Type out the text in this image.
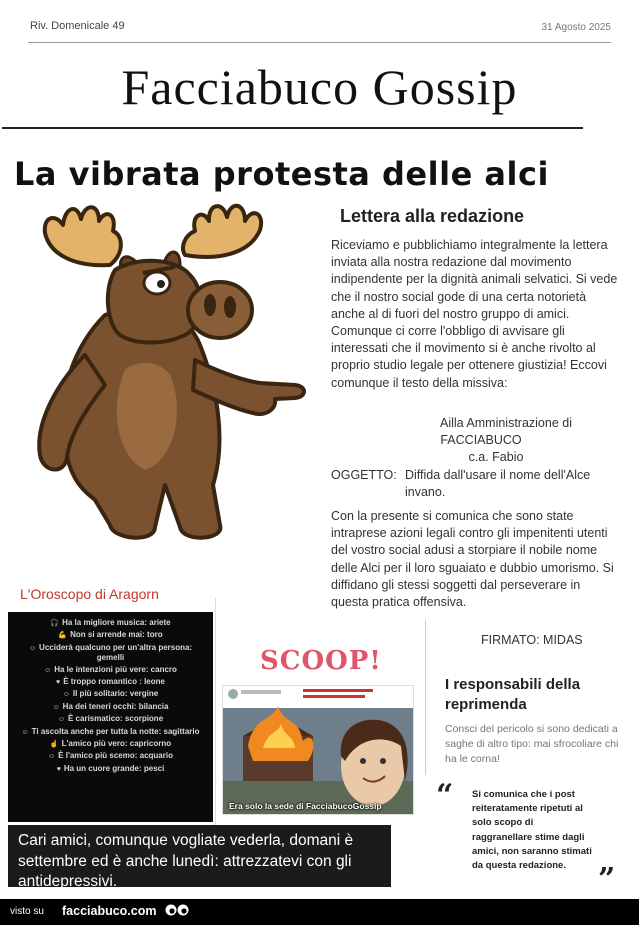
Riv. Domenicale 49	31 Agosto 2025
Facciabuco Gossip
La vibrata protesta delle alci
Lettera alla redazione
Riceviamo e pubblichiamo integralmente la lettera inviata alla nostra redazione dal movimento indipendente per la dignità animali selvatici. Si vede che il nostro social gode di una certa notorietà anche al di fuori del nostro gruppo di amici. Comunque ci corre l'obbligo di avvisare gli interessati che il movimento si è anche rivolto al proprio studio legale per ottenere giustizia! Eccovi comunque il testo della missiva:
Ailla Amministrazione di
FACCIABUCO
c.a. Fabio
OGGETTO: Diffida dall'usare il nome dell'Alce invano.
Con la presente si comunica che sono state intraprese azioni legali contro gli impenitenti utenti del vostro social adusi a storpiare il nobile nome delle Alci per il loro sguaiato e dubbio umorismo. Si diffidano gli stessi soggetti dal perseverare in questa pratica offensiva.
FIRMATO: MIDAS
I responsabili della reprimenda
Consci del pericolo si sono dedicati a saghe di altro tipo: mai sfrocoliare chi ha le corna!
“ Si comunica che i post reiteratamente ripetuti al solo scopo di raggranellare stime dagli amici, non saranno stimati da questa redazione.	”
L'Oroscopo di Aragorn
🎧 Ha la migliore musica: ariete
💪 Non si arrende mai: toro
☺ Ucciderà qualcuno per un'altra persona: gemelli
☺ Ha le intenzioni più vere: cancro
♥ È troppo romantico : leone
☺ Il più solitario: vergine
☺ Ha dei teneri occhi: bilancia
☺ È carismatico: scorpione
☺ Ti ascolta anche per tutta la notte: sagittario
☝ L'amico più vero: capricorno
☺ È l'amico più scemo: acquario
♥ Ha un cuore grande: pesci
SCOOP!
Era solo la sede di FacciabucoGossip
Cari amici, comunque vogliate vederla, domani è settembre ed è anche lunedì: attrezzatevi con gli antidepressivi.
visto su facciabuco.com
